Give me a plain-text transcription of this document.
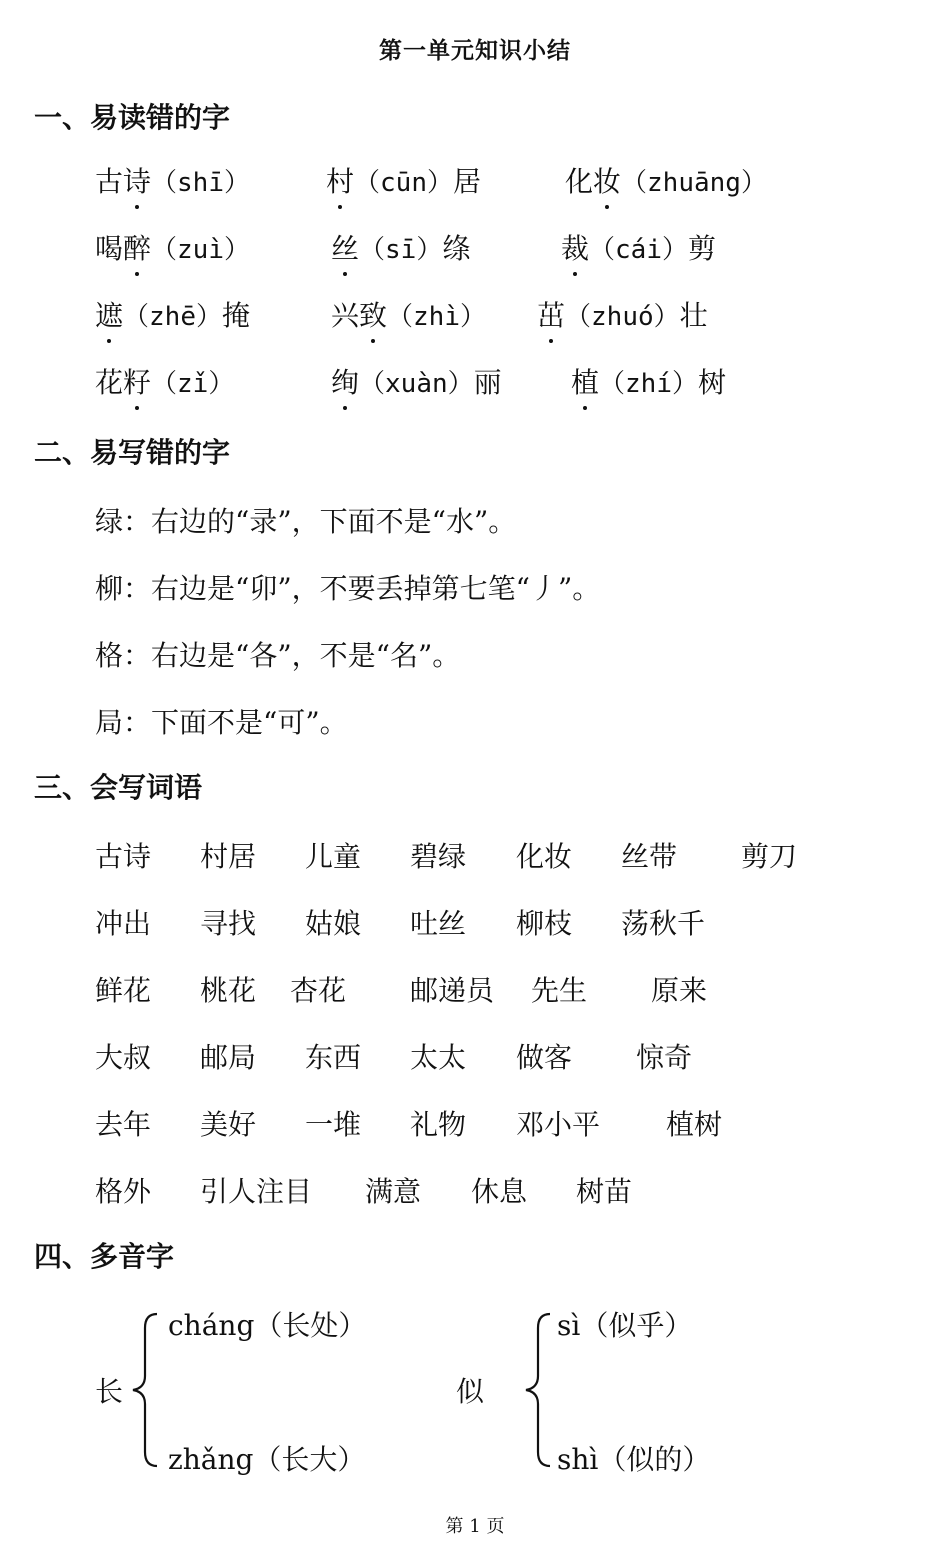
第一单元知识小结
一、易读错的字
古诗（shī）	村（cūn）居	化妆（zhuāng）
喝醉（zuì）	丝（sī）绦	裁（cái）剪
遮（zhē）掩	兴致（zhì） 茁（zhuó）壮
花籽（zǐ）	绚（xuàn）丽 植（zhí）树
二、易写错的字
绿：右边的“录”，下面不是“水”。
柳：右边是“卯”，不要丢掉第七笔“丿”。
格：右边是“各”，不是“名”。
局：下面不是“可”。
三、会写词语
古诗 村居 儿童 碧绿 化妆 丝带 剪刀
冲出 寻找 姑娘 吐丝 柳枝 荡秋千
鲜花 桃花 杏花 邮递员 先生 原来
大叔 邮局 东西 太太 做客 惊奇
去年 美好 一堆 礼物 邓小平 植树
格外 引人注目 满意 休息 树苗
四、多音字
长
cháng（长处）
zhǎng（长大）
似
sì（似乎）
shì（似的）
第 1 页
